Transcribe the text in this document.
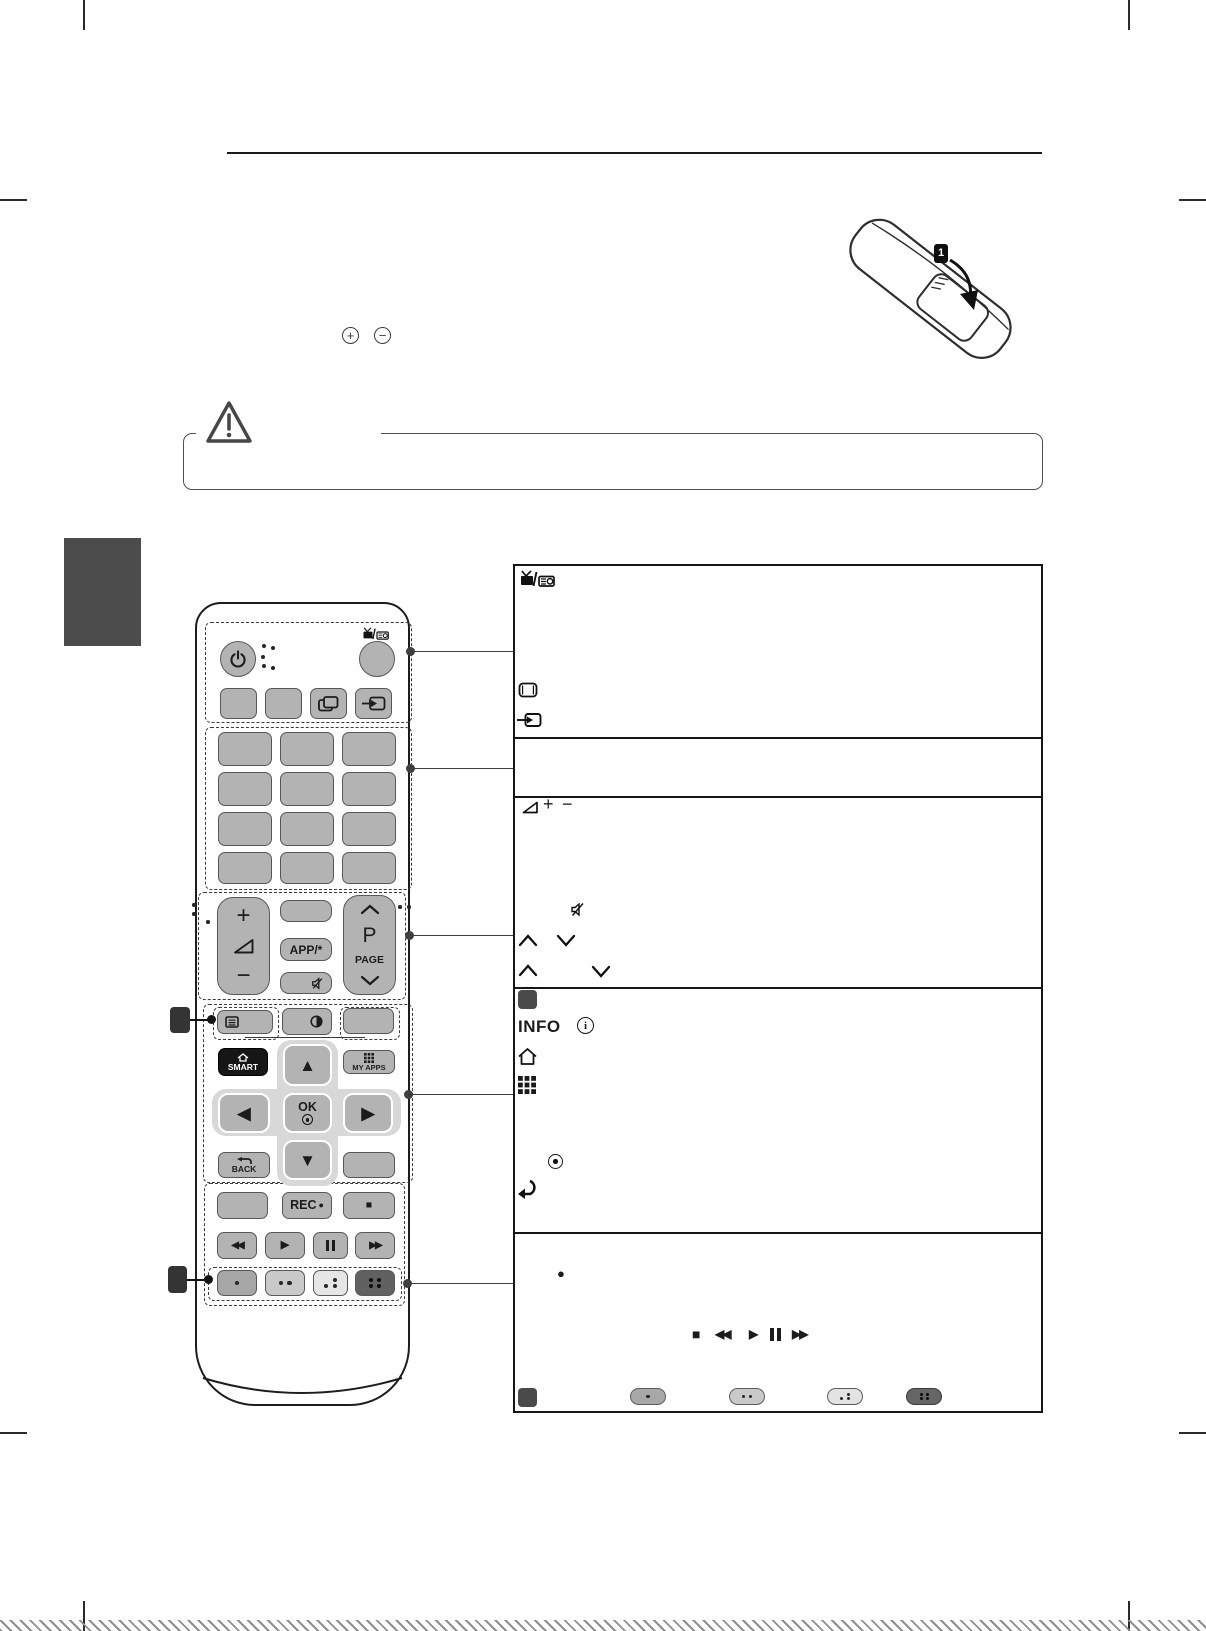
1
+	−
+
−
APP/*
P
PAGE
SMART ▲	MY APPS
◀	OK	▶
▼
BACK
REC ●	■
◀◀	▶	▶▶
+ −
INFO	i
●
■ ◀◀ ▶	▶▶
